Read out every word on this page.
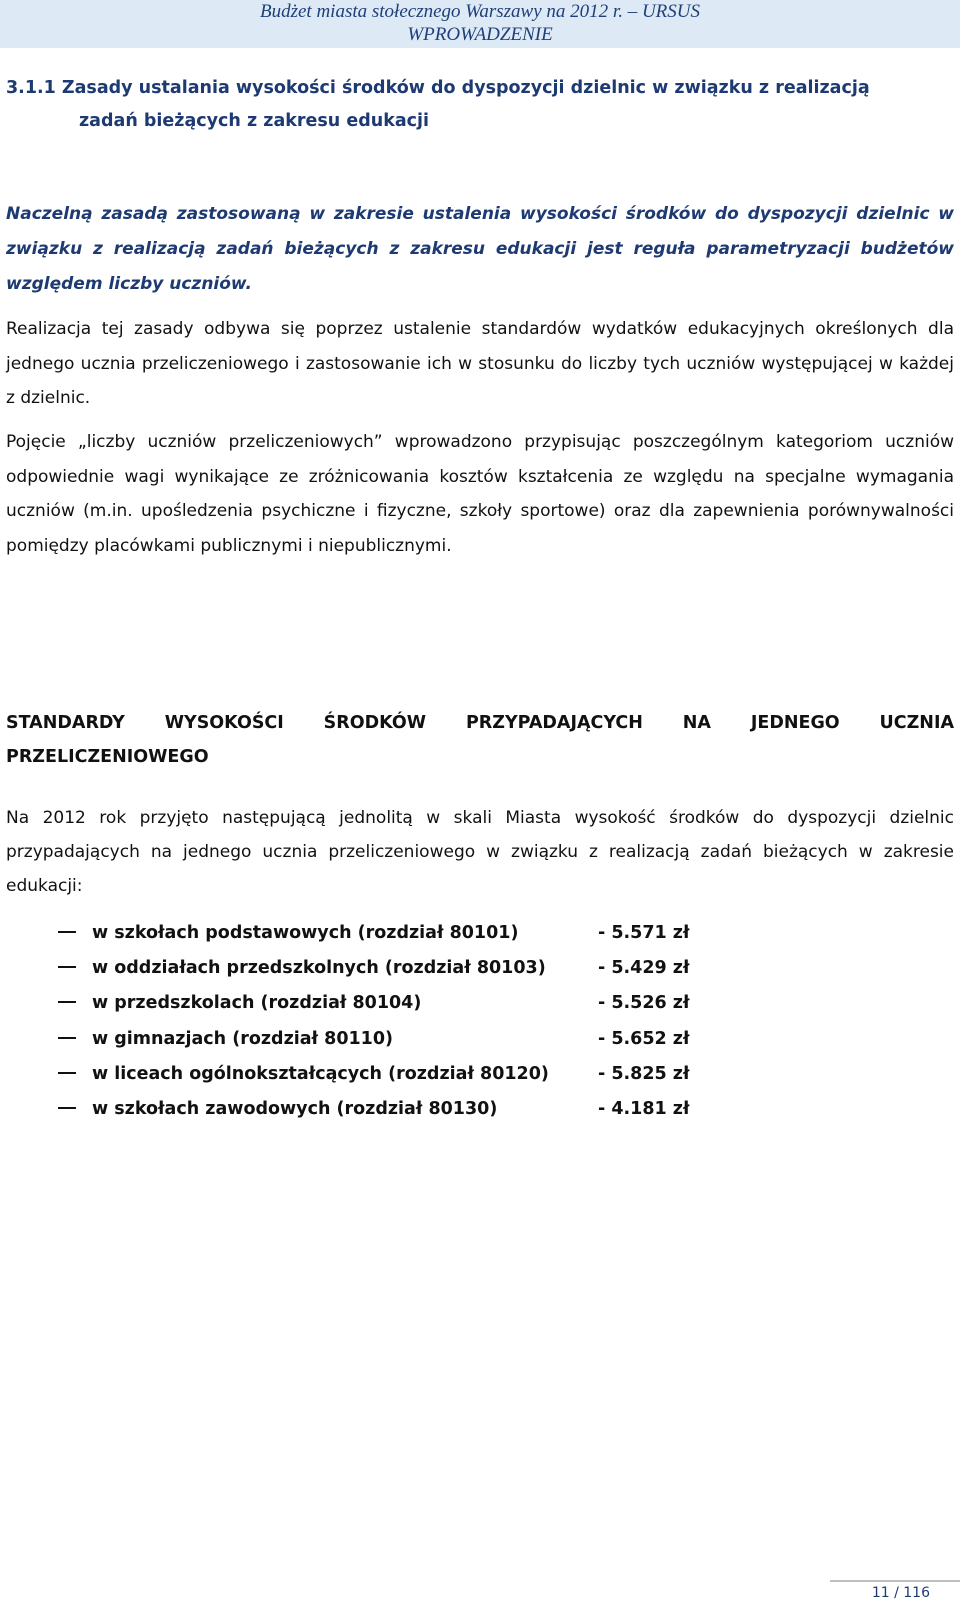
Budżet miasta stołecznego Warszawy na 2012 r. – URSUS
WPROWADZENIE
3.1.1 Zasady ustalania wysokości środków do dyspozycji dzielnic w związku z realizacją
zadań bieżących z zakresu edukacji
Naczelną zasadą zastosowaną w zakresie ustalenia wysokości środków do dyspozycji dzielnic w związku z realizacją zadań bieżących z zakresu edukacji jest reguła parametryzacji budżetów względem liczby uczniów.
Realizacja tej zasady odbywa się poprzez ustalenie standardów wydatków edukacyjnych określonych dla jednego ucznia przeliczeniowego i zastosowanie ich w stosunku do liczby tych uczniów występującej w każdej z dzielnic.
Pojęcie „liczby uczniów przeliczeniowych” wprowadzono przypisując poszczególnym kategoriom uczniów odpowiednie wagi wynikające ze zróżnicowania kosztów kształcenia ze względu na specjalne wymagania uczniów (m.in. upośledzenia psychiczne i fizyczne, szkoły sportowe) oraz dla zapewnienia porównywalności pomiędzy placówkami publicznymi i niepublicznymi.
STANDARDY WYSOKOŚCI ŚRODKÓW PRZYPADAJĄCYCH NA JEDNEGO UCZNIA PRZELICZENIOWEGO
Na 2012 rok przyjęto następującą jednolitą w skali Miasta wysokość środków do dyspozycji dzielnic przypadających na jednego ucznia przeliczeniowego w związku z realizacją zadań bieżących w zakresie edukacji:
w szkołach podstawowych (rozdział 80101)	- 5.571 zł
w oddziałach przedszkolnych (rozdział 80103)	- 5.429 zł
w przedszkolach (rozdział 80104)	- 5.526 zł
w gimnazjach (rozdział 80110)	- 5.652 zł
w liceach ogólnokształcących (rozdział 80120)	- 5.825 zł
w szkołach zawodowych (rozdział 80130)	- 4.181 zł
11 / 116
